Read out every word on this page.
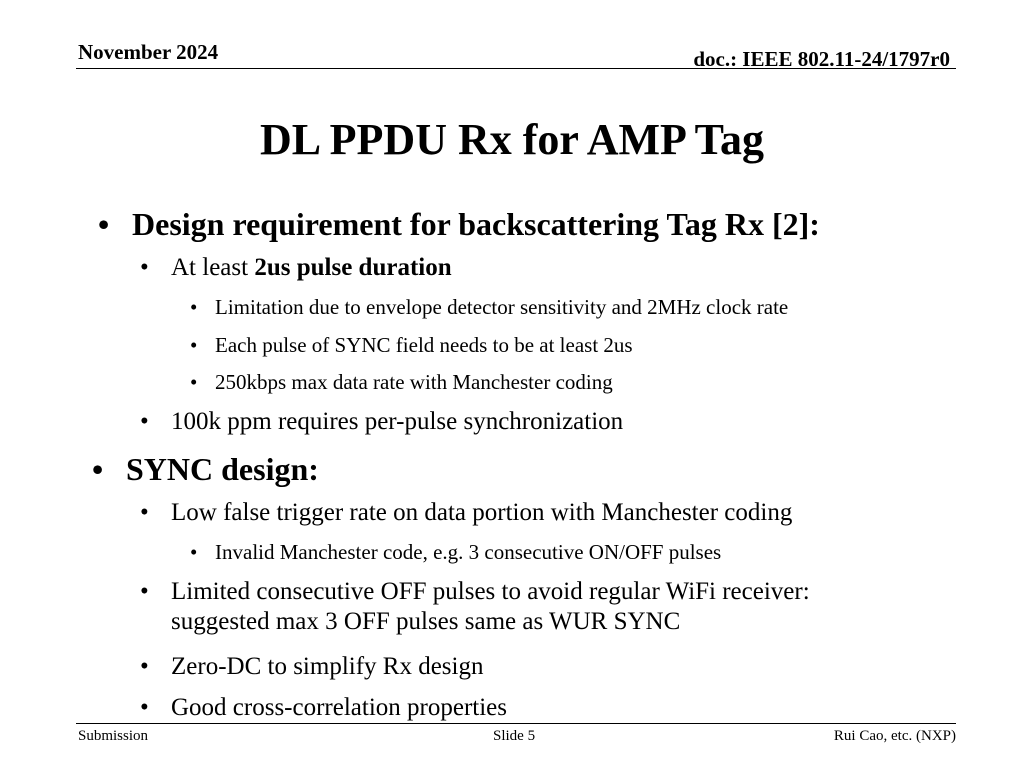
November 2024	doc.: IEEE 802.11-24/1797r0
DL PPDU Rx for AMP Tag
• Design requirement for backscattering Tag Rx [2]:
• At least 2us pulse duration
• Limitation due to envelope detector sensitivity and 2MHz clock rate
• Each pulse of SYNC field needs to be at least 2us
• 250kbps max data rate with Manchester coding
• 100k ppm requires per-pulse synchronization
• SYNC design:
• Low false trigger rate on data portion with Manchester coding
• Invalid Manchester code, e.g. 3 consecutive ON/OFF pulses
• Limited consecutive OFF pulses to avoid regular WiFi receiver:
suggested max 3 OFF pulses same as WUR SYNC
• Zero-DC to simplify Rx design
• Good cross-correlation properties
Submission	Slide 5	Rui Cao, etc. (NXP)
